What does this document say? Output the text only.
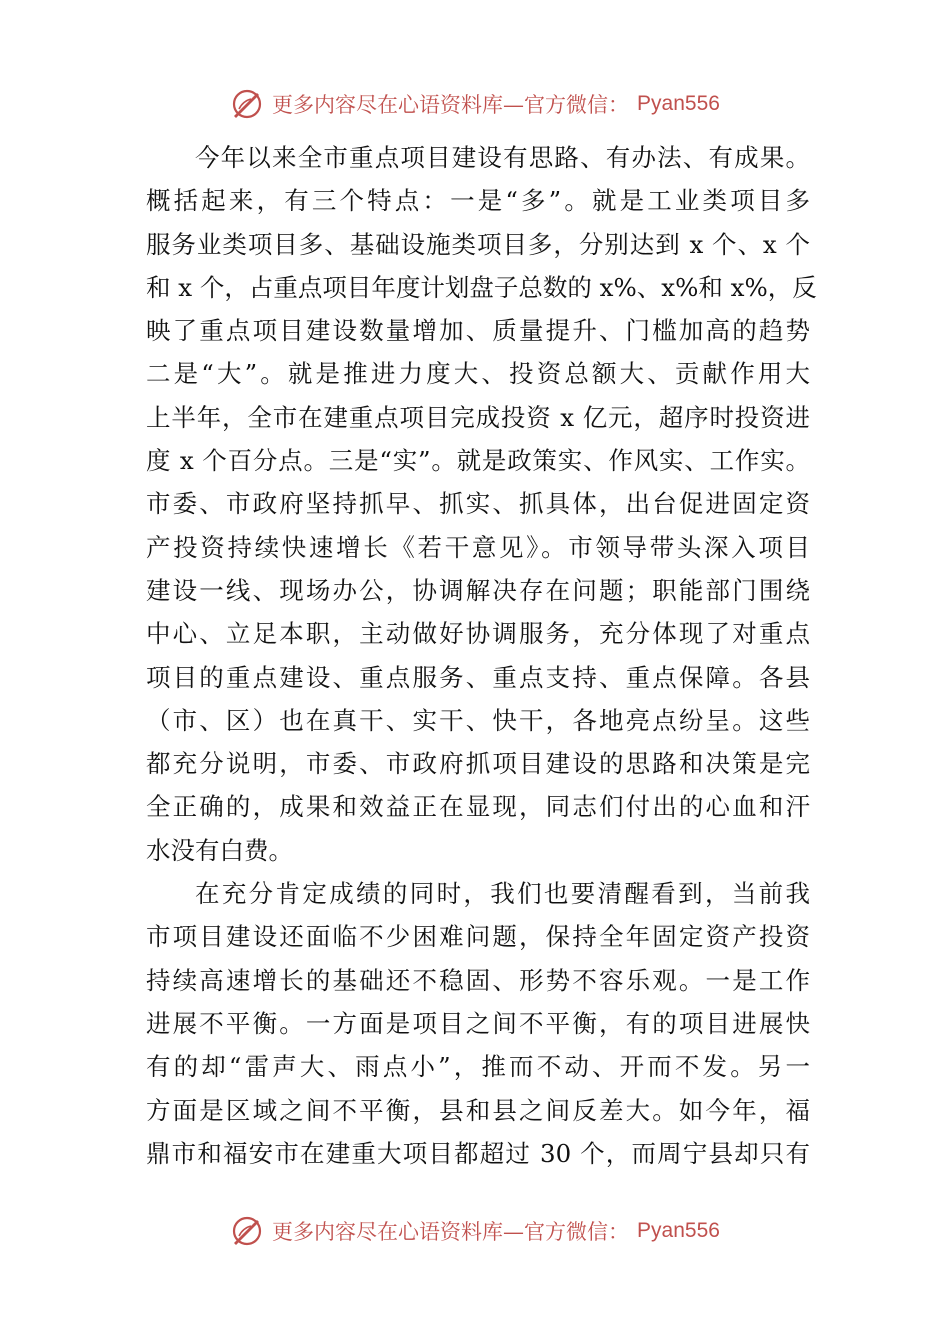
更多内容尽在心语资料库—官方微信： Pyan556
今年以来全市重点项目建设有思路、有办法、有成果。
概括起来，有三个特点：一是“多”。就是工业类项目多
服务业类项目多、基础设施类项目多，分别达到 x 个、x 个
和 x 个，占重点项目年度计划盘子总数的 x%、x%和 x%，反
映了重点项目建设数量增加、质量提升、门槛加高的趋势
二是“大”。就是推进力度大、投资总额大、贡献作用大
上半年，全市在建重点项目完成投资 x 亿元，超序时投资进
度 x 个百分点。三是“实”。就是政策实、作风实、工作实。
市委、市政府坚持抓早、抓实、抓具体，出台促进固定资
产投资持续快速增长《若干意见》。市领导带头深入项目
建设一线、现场办公，协调解决存在问题；职能部门围绕
中心、立足本职，主动做好协调服务，充分体现了对重点
项目的重点建设、重点服务、重点支持、重点保障。各县
（市、区）也在真干、实干、快干，各地亮点纷呈。这些
都充分说明，市委、市政府抓项目建设的思路和决策是完
全正确的，成果和效益正在显现，同志们付出的心血和汗
水没有白费。
在充分肯定成绩的同时，我们也要清醒看到，当前我
市项目建设还面临不少困难问题，保持全年固定资产投资
持续高速增长的基础还不稳固、形势不容乐观。一是工作
进展不平衡。一方面是项目之间不平衡，有的项目进展快
有的却“雷声大、雨点小”，推而不动、开而不发。另一
方面是区域之间不平衡，县和县之间反差大。如今年，福
鼎市和福安市在建重大项目都超过 30 个，而周宁县却只有
更多内容尽在心语资料库—官方微信： Pyan556
